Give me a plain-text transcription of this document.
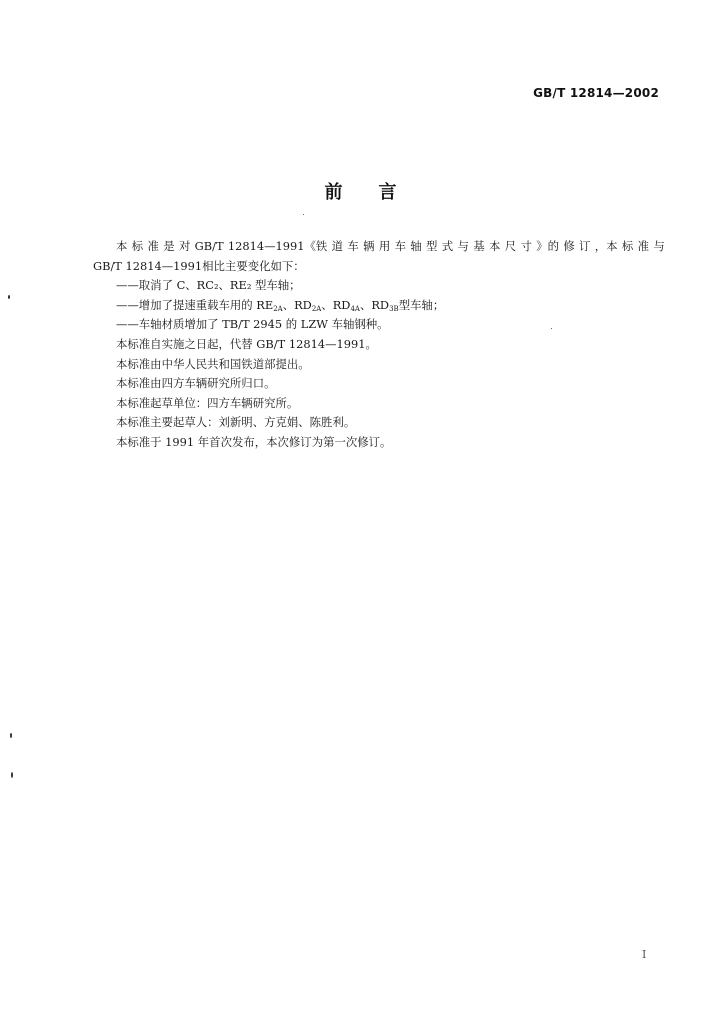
GB/T 12814—2002
前言
本 标 准 是 对 GB/T 12814—1991《铁 道 车 辆 用 车 轴 型 式 与 基 本 尺 寸 》的 修 订 ，本 标 准 与

GB/T 12814—1991相比主要变化如下：

——取消了 C、RC₂、RE₂ 型车轴；

——增加了提速重载车用的 $RE_{2A}$、$RD_{2A}$、$RD_{4A}$、$RD_{3B}$型车轴；

——车轴材质增加了 TB/T 2945 的 LZW 车轴钢种。

本标准自实施之日起，代替 GB/T 12814—1991。

本标准由中华人民共和国铁道部提出。

本标准由四方车辆研究所归口。

本标准起草单位：四方车辆研究所。

本标准主要起草人：刘新明、方克娟、陈胜利。

本标准于 1991 年首次发布，本次修订为第一次修订。

I
